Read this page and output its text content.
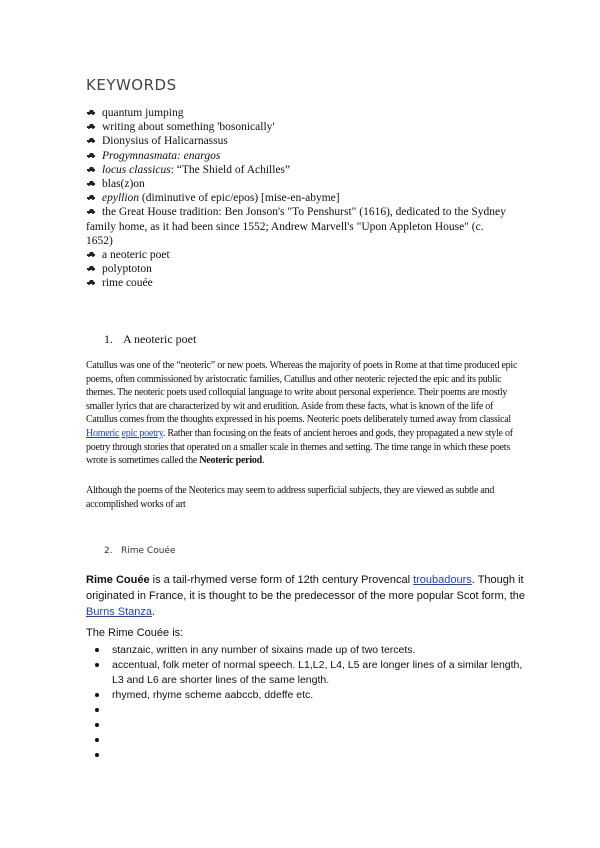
KEYWORDS
quantum jumping
writing about something 'bosonically'
Dionysius of Halicarnassus
Progymnasmata: enargos
locus classicus: “The Shield of Achilles”
blas(z)on
epyllion (diminutive of epic/epos) [mise-en-abyme]
the Great House tradition: Ben Jonson's "To Penshurst" (1616), dedicated to the Sydney family home, as it had been since 1552; Andrew Marvell's "Upon Appleton House" (c. 1652)
a neoteric poet
polyptoton
rime couée
1. A neoteric poet

Catullus was one of the “neoteric” or new poets. Whereas the majority of poets in Rome at that time produced epic poems, often commissioned by aristocratic families, Catullus and other neoteric rejected the epic and its public themes. The neoteric poets used colloquial language to write about personal experience. Their poems are mostly smaller lyrics that are characterized by wit and erudition. Aside from these facts, what is known of the life of Catullus comes from the thoughts expressed in his poems. Neoteric poets deliberately turned away from classical Homeric epic poetry. Rather than focusing on the feats of ancient heroes and gods, they propagated a new style of poetry through stories that operated on a smaller scale in themes and setting. The time range in which these poets wrote is sometimes called the Neoteric period.

Although the poems of the Neoterics may seem to address superficial subjects, they are viewed as subtle and accomplished works of art

2. Rime Couée

Rime Couée is a tail-rhymed verse form of 12th century Provencal troubadours. Though it originated in France, it is thought to be the predecessor of the more popular Scot form, the Burns Stanza.

The Rime Couée is:

stanzaic, written in any number of sixains made up of two tercets.
accentual, folk meter of normal speech. L1,L2, L4, L5 are longer lines of a similar length, L3 and L6 are shorter lines of the same length.
rhymed, rhyme scheme aabccb, ddeffe etc.
